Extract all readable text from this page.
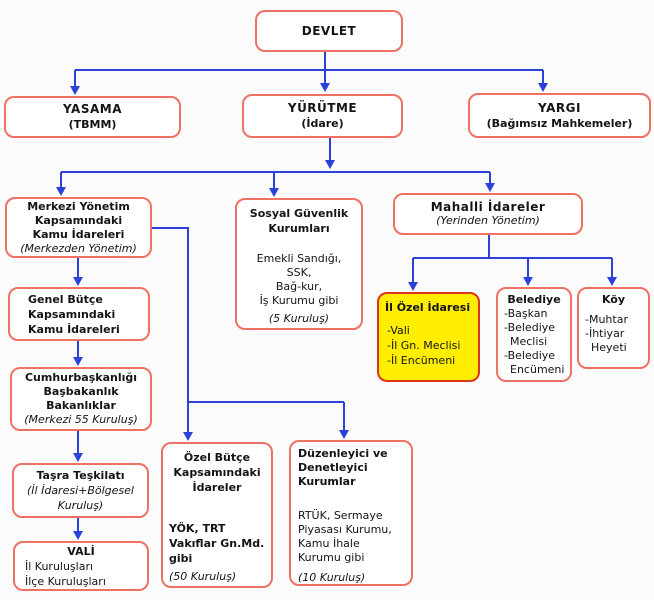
DEVLET
YASAMA
(TBMM)
YÜRÜTME
(İdare)
YARGI
(Bağımsız Mahkemeler)
Merkezi Yönetim
Kapsamındaki
Kamu İdareleri
(Merkezden Yönetim)
Sosyal Güvenlik
Kurumları
Emekli Sandığı,
SSK,
Bağ-kur,
İş Kurumu gibi
(5 Kuruluş)
Mahalli İdareler
(Yerinden Yönetim)
Genel Bütçe
Kapsamındaki
Kamu İdareleri
Cumhurbaşkanlığı
Başbakanlık
Bakanlıklar
(Merkezi 55 Kuruluş)
Taşra Teşkilatı
(İl İdaresi+Bölgesel
Kuruluş)
VALİ
İl Kuruluşları
İlçe Kuruluşları
Özel Bütçe
Kapsamındaki
İdareler
YÖK, TRT
Vakıflar Gn.Md.
gibi
(50 Kuruluş)
Düzenleyici ve
Denetleyici
Kurumlar
RTÜK, Sermaye
Piyasası Kurumu,
Kamu İhale
Kurumu gibi
(10 Kuruluş)
İl Özel İdaresi
-Vali
-İl Gn. Meclisi
-İl Encümeni
Belediye
-Başkan
-Belediye Meclisi
-Belediye Encümeni
Köy
-Muhtar
-İhtiyar Heyeti
